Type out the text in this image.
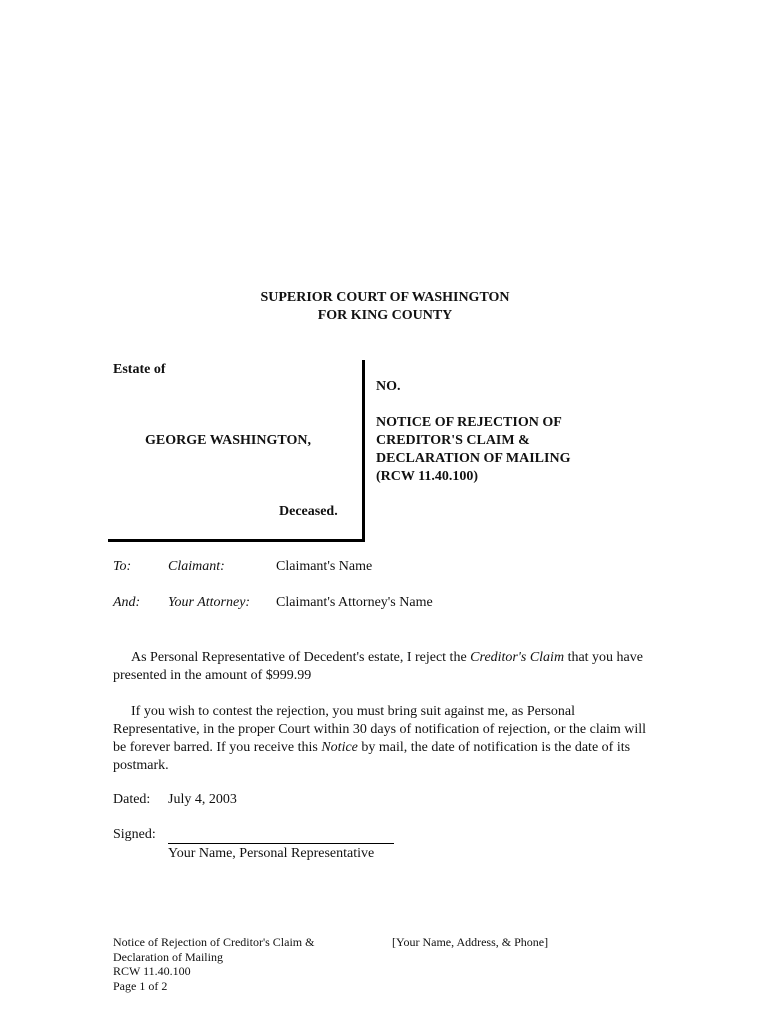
SUPERIOR COURT OF WASHINGTON
FOR KING COUNTY
Estate of
GEORGE WASHINGTON,
Deceased.
NO.
NOTICE OF REJECTION OF
CREDITOR'S CLAIM &
DECLARATION OF MAILING
(RCW 11.40.100)
To:	Claimant:	Claimant's Name
And: Your Attorney: Claimant's Attorney's Name
As Personal Representative of Decedent's estate, I reject the Creditor's Claim that you have presented in the amount of $999.99
If you wish to contest the rejection, you must bring suit against me, as Personal Representative, in the proper Court within 30 days of notification of rejection, or the claim will be forever barred. If you receive this Notice by mail, the date of notification is the date of its postmark.
Dated: July 4, 2003
Signed:
Your Name, Personal Representative
Notice of Rejection of Creditor's Claim &
Declaration of Mailing
RCW 11.40.100
Page 1 of 2
[Your Name, Address, & Phone]
